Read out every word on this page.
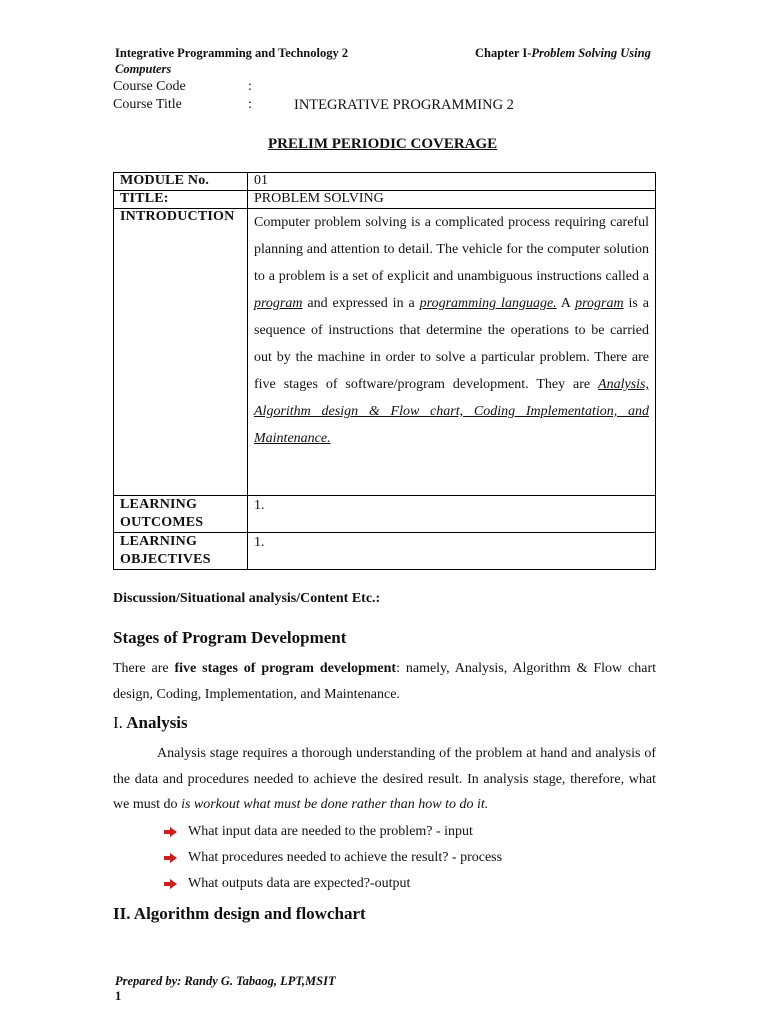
Integrative Programming and Technology 2	Chapter I-Problem Solving Using
Computers
Course Code	:
Course Title	:	INTEGRATIVE PROGRAMMING 2
PRELIM PERIODIC COVERAGE
MODULE No.	01
TITLE:	PROBLEM SOLVING
INTRODUCTION	Computer problem solving is a complicated process requiring careful planning and attention to detail. The vehicle for the computer solution to a problem is a set of explicit and unambiguous instructions called a program and expressed in a programming language. A program is a sequence of instructions that determine the operations to be carried out by the machine in order to solve a particular problem. There are five stages of software/program development. They are Analysis, Algorithm design & Flow chart, Coding Implementation, and Maintenance.
LEARNING OUTCOMES	1.
LEARNING OBJECTIVES	1.
Discussion/Situational analysis/Content Etc.:
Stages of Program Development
There are five stages of program development: namely, Analysis, Algorithm & Flow chart design, Coding, Implementation, and Maintenance.
I. Analysis
Analysis stage requires a thorough understanding of the problem at hand and analysis of the data and procedures needed to achieve the desired result. In analysis stage, therefore, what we must do is workout what must be done rather than how to do it.
What input data are needed to the problem? - input
What procedures needed to achieve the result? - process
What outputs data are expected?-output
II. Algorithm design and flowchart
Prepared by: Randy G. Tabaog, LPT,MSIT
1
